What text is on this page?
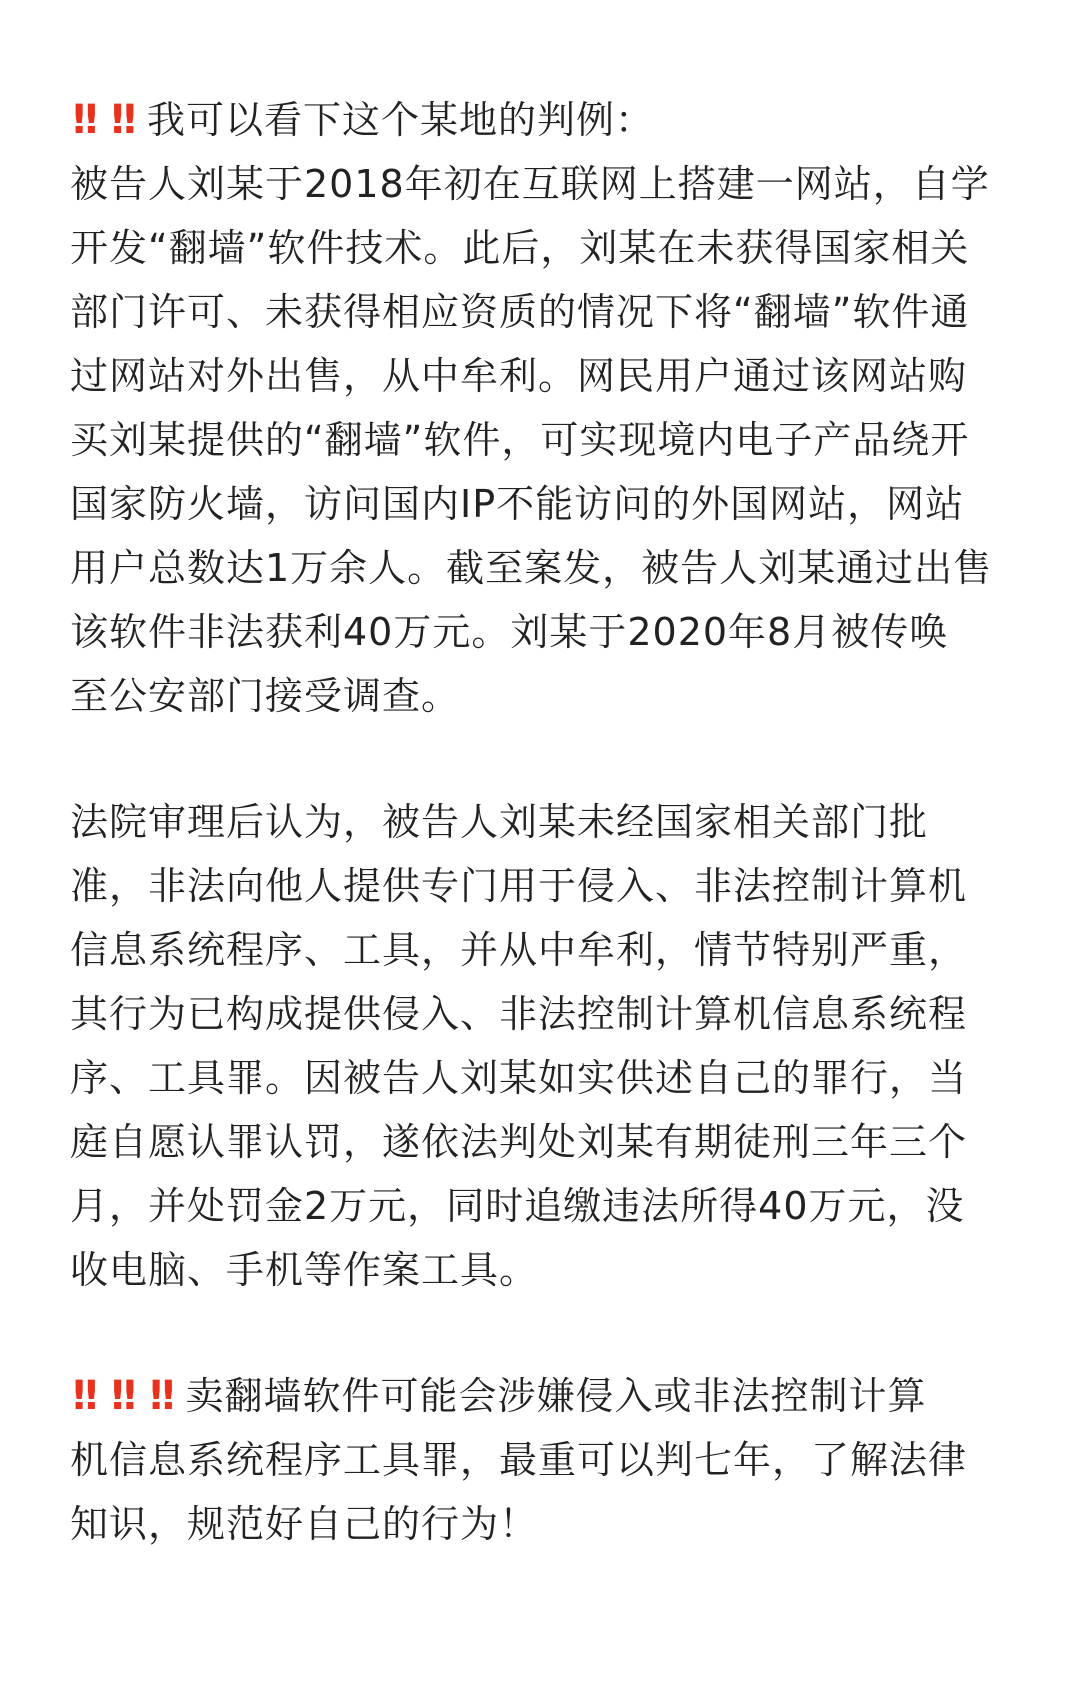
!! !! 我可以看下这个某地的判例：
被告人刘某于2018年初在互联网上搭建一网站，自学
开发“翻墙”软件技术。此后，刘某在未获得国家相关
部门许可、未获得相应资质的情况下将“翻墙”软件通
过网站对外出售，从中牟利。网民用户通过该网站购
买刘某提供的“翻墙”软件，可实现境内电子产品绕开
国家防火墙，访问国内IP不能访问的外国网站，网站
用户总数达1万余人。截至案发，被告人刘某通过出售
该软件非法获利40万元。刘某于2020年8月被传唤
至公安部门接受调查。

法院审理后认为，被告人刘某未经国家相关部门批
准，非法向他人提供专门用于侵入、非法控制计算机
信息系统程序、工具，并从中牟利，情节特别严重，
其行为已构成提供侵入、非法控制计算机信息系统程
序、工具罪。因被告人刘某如实供述自己的罪行，当
庭自愿认罪认罚，遂依法判处刘某有期徒刑三年三个
月，并处罚金2万元，同时追缴违法所得40万元，没
收电脑、手机等作案工具。

!! !! !! 卖翻墙软件可能会涉嫌侵入或非法控制计算
机信息系统程序工具罪，最重可以判七年，了解法律
知识，规范好自己的行为！
